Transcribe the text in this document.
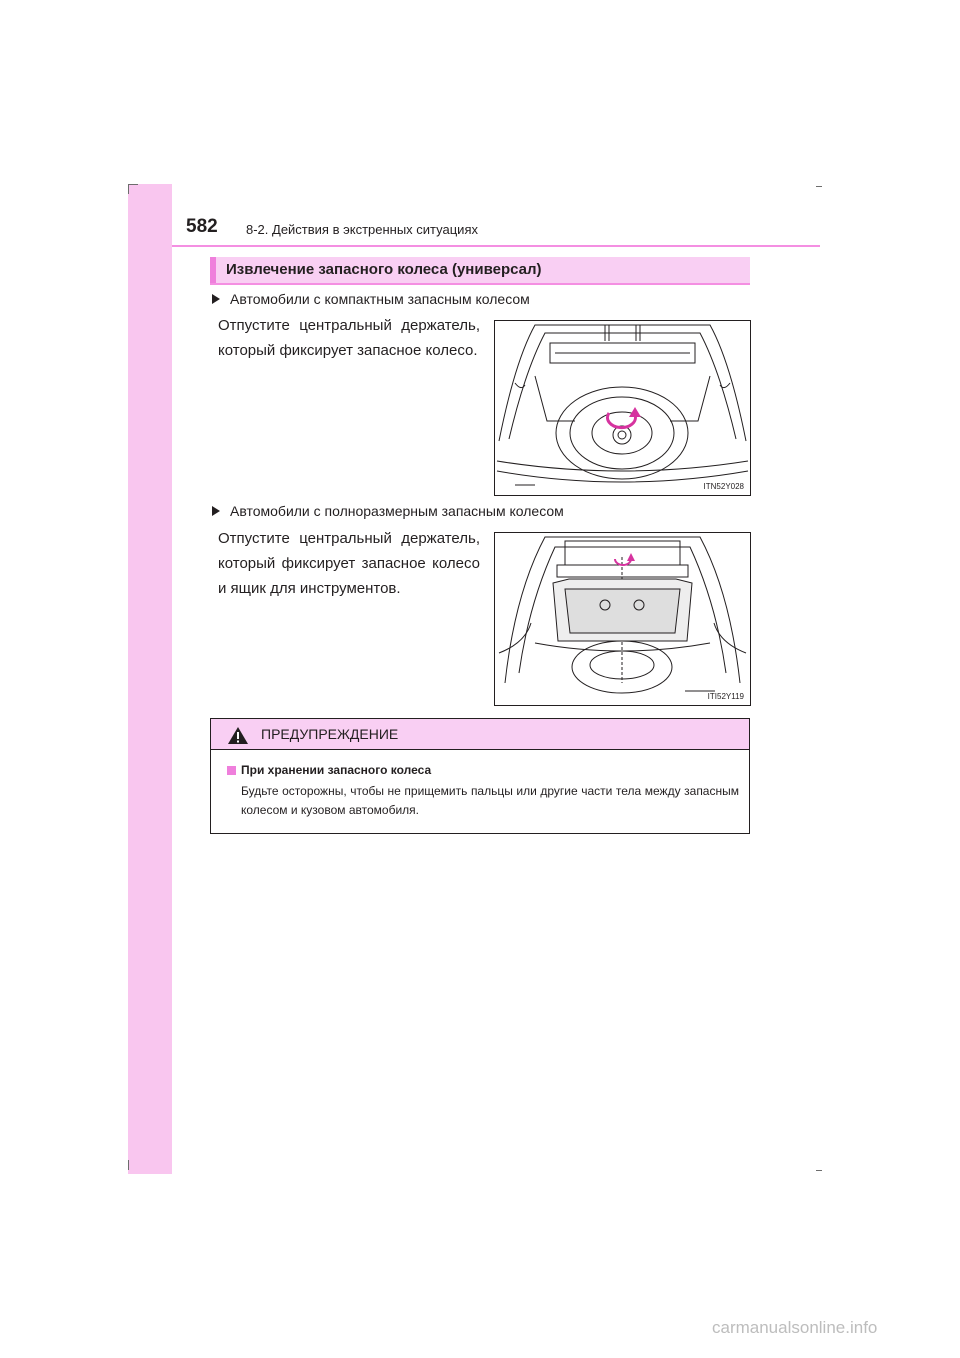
582 8-2. Действия в экстренных ситуациях
Извлечение запасного колеса (универсал)
Автомобили с компактным запасным колесом
Отпустите центральный держатель, который фиксирует запасное колесо.
ITN52Y028
Автомобили с полноразмерным запасным колесом
Отпустите центральный держатель, который фиксирует запасное колесо и ящик для инструментов.
ITI52Y119
ПРЕДУПРЕЖДЕНИЕ
При хранении запасного колеса
Будьте осторожны, чтобы не прищемить пальцы или другие части тела между запасным колесом и кузовом автомобиля.
carmanualsonline.info
